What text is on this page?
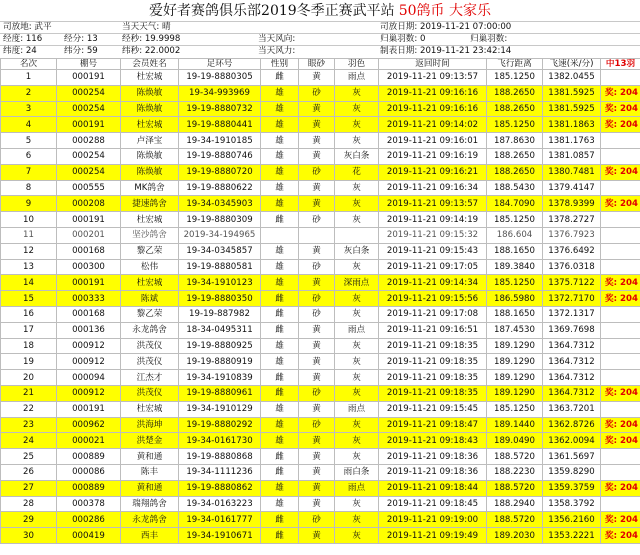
爱好者赛鸽俱乐部2019冬季正赛武平站 50鸽币 大家乐
司放地: 武平	当天天气: 晴	司放日期: 2019-11-21 07:00:00
经度: 116	经分: 13	经秒: 19.9998	当天风向:	归巢羽数: 0	归巢羽数:
纬度: 24	纬分: 59	纬秒: 22.0002	当天风力:	制表日期: 2019-11-21 23:42:14
名次	棚号	会员姓名	足环号	性别	眼砂	羽色	返回时间	飞行距离	飞速(米/分)	中13羽
1	000191	杜宏城	19-19-8880305	雌	黄	雨点	2019-11-21 09:13:57	185.1250	1382.0455	
2	000254	陈焕敏	19-34-993969	雄	砂	灰	2019-11-21 09:16:16	188.2650	1381.5925	奖: 204
3	000254	陈焕敏	19-19-8880732	雄	黄	灰	2019-11-21 09:16:16	188.2650	1381.5925	奖: 204
4	000191	杜宏城	19-19-8880441	雄	黄	灰	2019-11-21 09:14:02	185.1250	1381.1863	奖: 204
5	000288	卢泽宝	19-34-1910185	雄	黄	灰	2019-11-21 09:16:01	187.8630	1381.1763	
6	000254	陈焕敏	19-19-8880746	雄	黄	灰白条	2019-11-21 09:16:19	188.2650	1381.0857	
7	000254	陈焕敏	19-19-8880720	雄	砂	花	2019-11-21 09:16:21	188.2650	1380.7481	奖: 204
8	000555	MK鸽舍	19-19-8880622	雄	黄	灰	2019-11-21 09:16:34	188.5430	1379.4147	
9	000208	捷速鸽舍	19-34-0345903	雄	黄	灰	2019-11-21 09:13:57	184.7090	1378.9399	奖: 204
10	000191	杜宏城	19-19-8880309	雌	砂	灰	2019-11-21 09:14:19	185.1250	1378.2727	
11	000201	坚沙鸽舍	2019-34-194965				2019-11-21 09:15:32	186.604	1376.7923	
12	000168	黎乙荣	19-34-0345857	雄	黄	灰白条	2019-11-21 09:15:43	188.1650	1376.6492	
13	000300	松伟	19-19-8880581	雄	砂	灰	2019-11-21 09:17:05	189.3840	1376.0318	
14	000191	杜宏城	19-34-1910123	雄	黄	深雨点	2019-11-21 09:14:34	185.1250	1375.7122	奖: 204
15	000333	陈斌	19-19-8880350	雌	砂	灰	2019-11-21 09:15:56	186.5980	1372.7170	奖: 204
16	000168	黎乙荣	19-19-887982	雌	砂	灰	2019-11-21 09:17:08	188.1650	1372.1317	
17	000136	永龙鸽舍	18-34-0495311	雌	黄	雨点	2019-11-21 09:16:51	187.4530	1369.7698	
18	000912	洪茂仪	19-19-8880925	雄	黄	灰	2019-11-21 09:18:35	189.1290	1364.7312	
19	000912	洪茂仪	19-19-8880919	雄	黄	灰	2019-11-21 09:18:35	189.1290	1364.7312	
20	000094	江杰才	19-34-1910839	雌	黄	灰	2019-11-21 09:18:35	189.1290	1364.7312	
21	000912	洪茂仪	19-19-8880961	雌	砂	灰	2019-11-21 09:18:35	189.1290	1364.7312	奖: 204
22	000191	杜宏城	19-34-1910129	雄	黄	雨点	2019-11-21 09:15:45	185.1250	1363.7201	
23	000962	洪海坤	19-19-8880292	雄	砂	灰	2019-11-21 09:18:47	189.1440	1362.8726	奖: 204
24	000021	洪楚金	19-34-0161730	雄	黄	灰	2019-11-21 09:18:43	189.0490	1362.0094	奖: 204
25	000889	黄和通	19-19-8880868	雌	黄	灰	2019-11-21 09:18:36	188.5720	1361.5697	
26	000086	陈丰	19-34-1111236	雌	黄	雨白条	2019-11-21 09:18:36	188.2230	1359.8290	
27	000889	黄和通	19-19-8880862	雄	黄	雨点	2019-11-21 09:18:44	188.5720	1359.3759	奖: 204
28	000378	瑞翔鸽舍	19-34-0163223	雄	黄	灰	2019-11-21 09:18:45	188.2940	1358.3792	
29	000286	永龙鸽舍	19-34-0161777	雌	砂	灰	2019-11-21 09:19:00	188.5720	1356.2160	奖: 204
30	000419	西丰	19-34-1910671	雌	黄	灰	2019-11-21 09:19:49	189.2030	1353.2221	奖: 204
